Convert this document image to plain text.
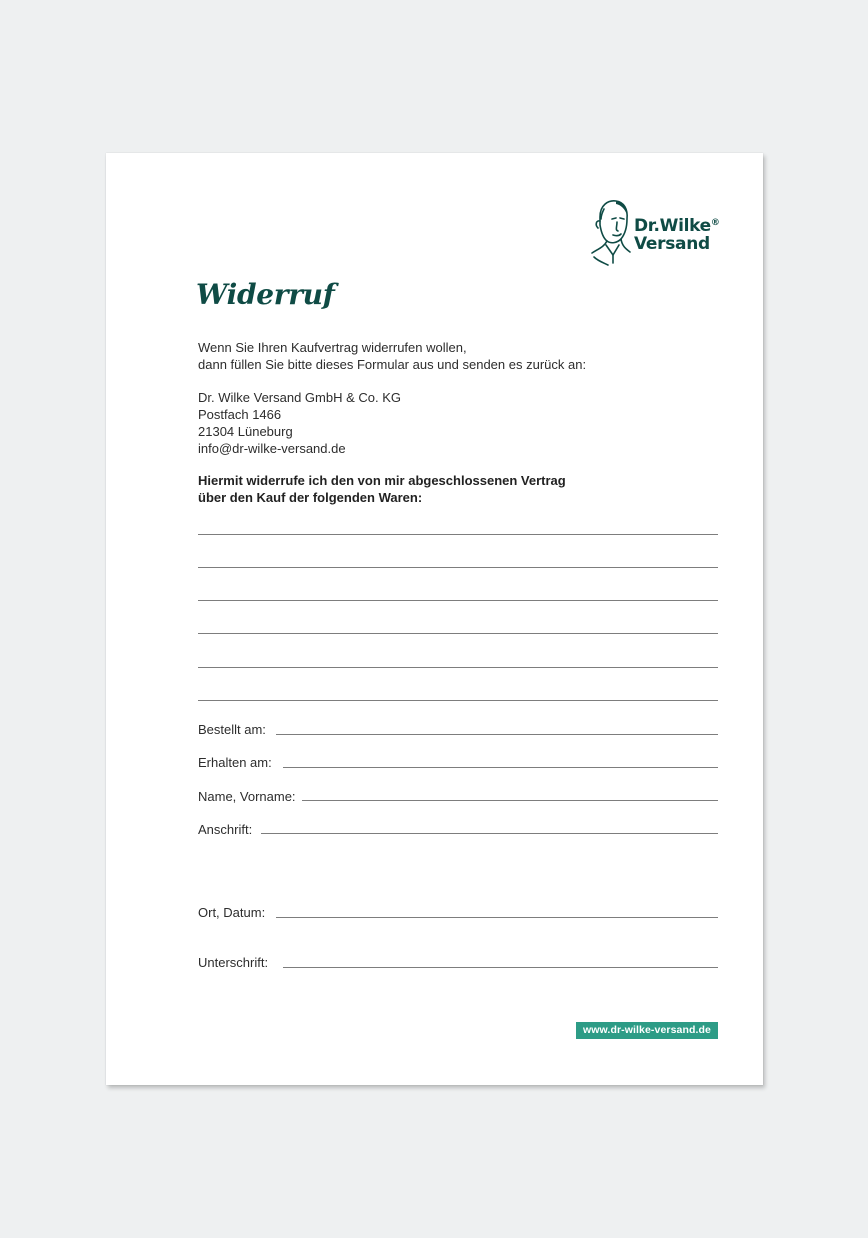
Dr.Wilke®
Versand
Widerruf

Wenn Sie Ihren Kaufvertrag widerrufen wollen,

dann füllen Sie bitte dieses Formular aus und senden es zurück an:

Dr. Wilke Versand GmbH & Co. KG

Postfach 1466

21304 Lüneburg

info@dr-wilke-versand.de

Hiermit widerrufe ich den von mir abgeschlossenen Vertrag

über den Kauf der folgenden Waren:

Bestellt am:
Erhalten am:
Name, Vorname:
Anschrift:
Ort, Datum:
Unterschrift:
www.dr-wilke-versand.de
